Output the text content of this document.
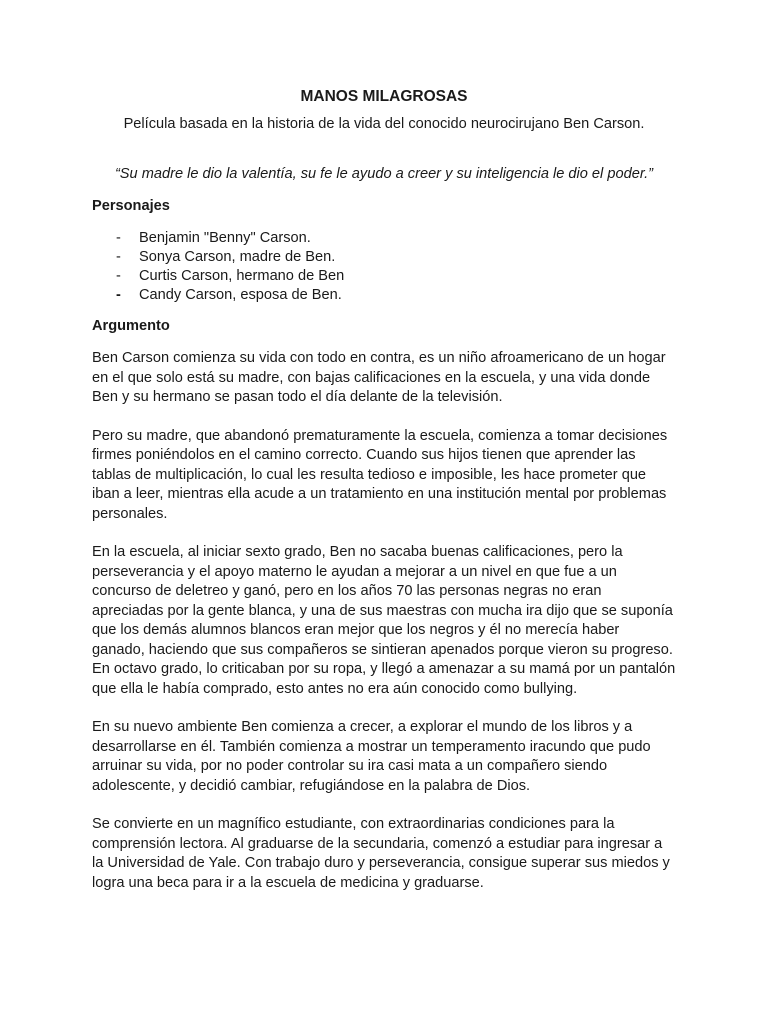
MANOS MILAGROSAS

Película basada en la historia de la vida del conocido neurocirujano Ben Carson.

“Su madre le dio la valentía, su fe le ayudo a creer y su inteligencia le dio el poder.”

Personajes
- Benjamin "Benny" Carson.
- Sonya Carson, madre de Ben.
- Curtis Carson, hermano de Ben
- Candy Carson, esposa de Ben.
Argumento

Ben Carson comienza su vida con todo en contra, es un niño afroamericano de un hogar en el que solo está su madre, con bajas calificaciones en la escuela, y una vida donde Ben y su hermano se pasan todo el día delante de la televisión.

Pero su madre, que abandonó prematuramente la escuela, comienza a tomar decisiones firmes poniéndolos en el camino correcto. Cuando sus hijos tienen que aprender las tablas de multiplicación, lo cual les resulta tedioso e imposible, les hace prometer que iban a leer, mientras ella acude a un tratamiento en una institución mental por problemas personales.

En la escuela, al iniciar sexto grado, Ben no sacaba buenas calificaciones, pero la perseverancia y el apoyo materno le ayudan a mejorar a un nivel en que fue a un concurso de deletreo y ganó, pero en los años 70 las personas negras no eran apreciadas por la gente blanca, y una de sus maestras con mucha ira dijo que se suponía que los demás alumnos blancos eran mejor que los negros y él no merecía haber ganado, haciendo que sus compañeros se sintieran apenados porque vieron su progreso. En octavo grado, lo criticaban por su ropa, y llegó a amenazar a su mamá por un pantalón que ella le había comprado, esto antes no era aún conocido como bullying.

En su nuevo ambiente Ben comienza a crecer, a explorar el mundo de los libros y a desarrollarse en él. También comienza a mostrar un temperamento iracundo que pudo arruinar su vida, por no poder controlar su ira casi mata a un compañero siendo adolescente, y decidió cambiar, refugiándose en la palabra de Dios.

Se convierte en un magnífico estudiante, con extraordinarias condiciones para la comprensión lectora. Al graduarse de la secundaria, comenzó a estudiar para ingresar a la Universidad de Yale. Con trabajo duro y perseverancia, consigue superar sus miedos y logra una beca para ir a la escuela de medicina y graduarse.
